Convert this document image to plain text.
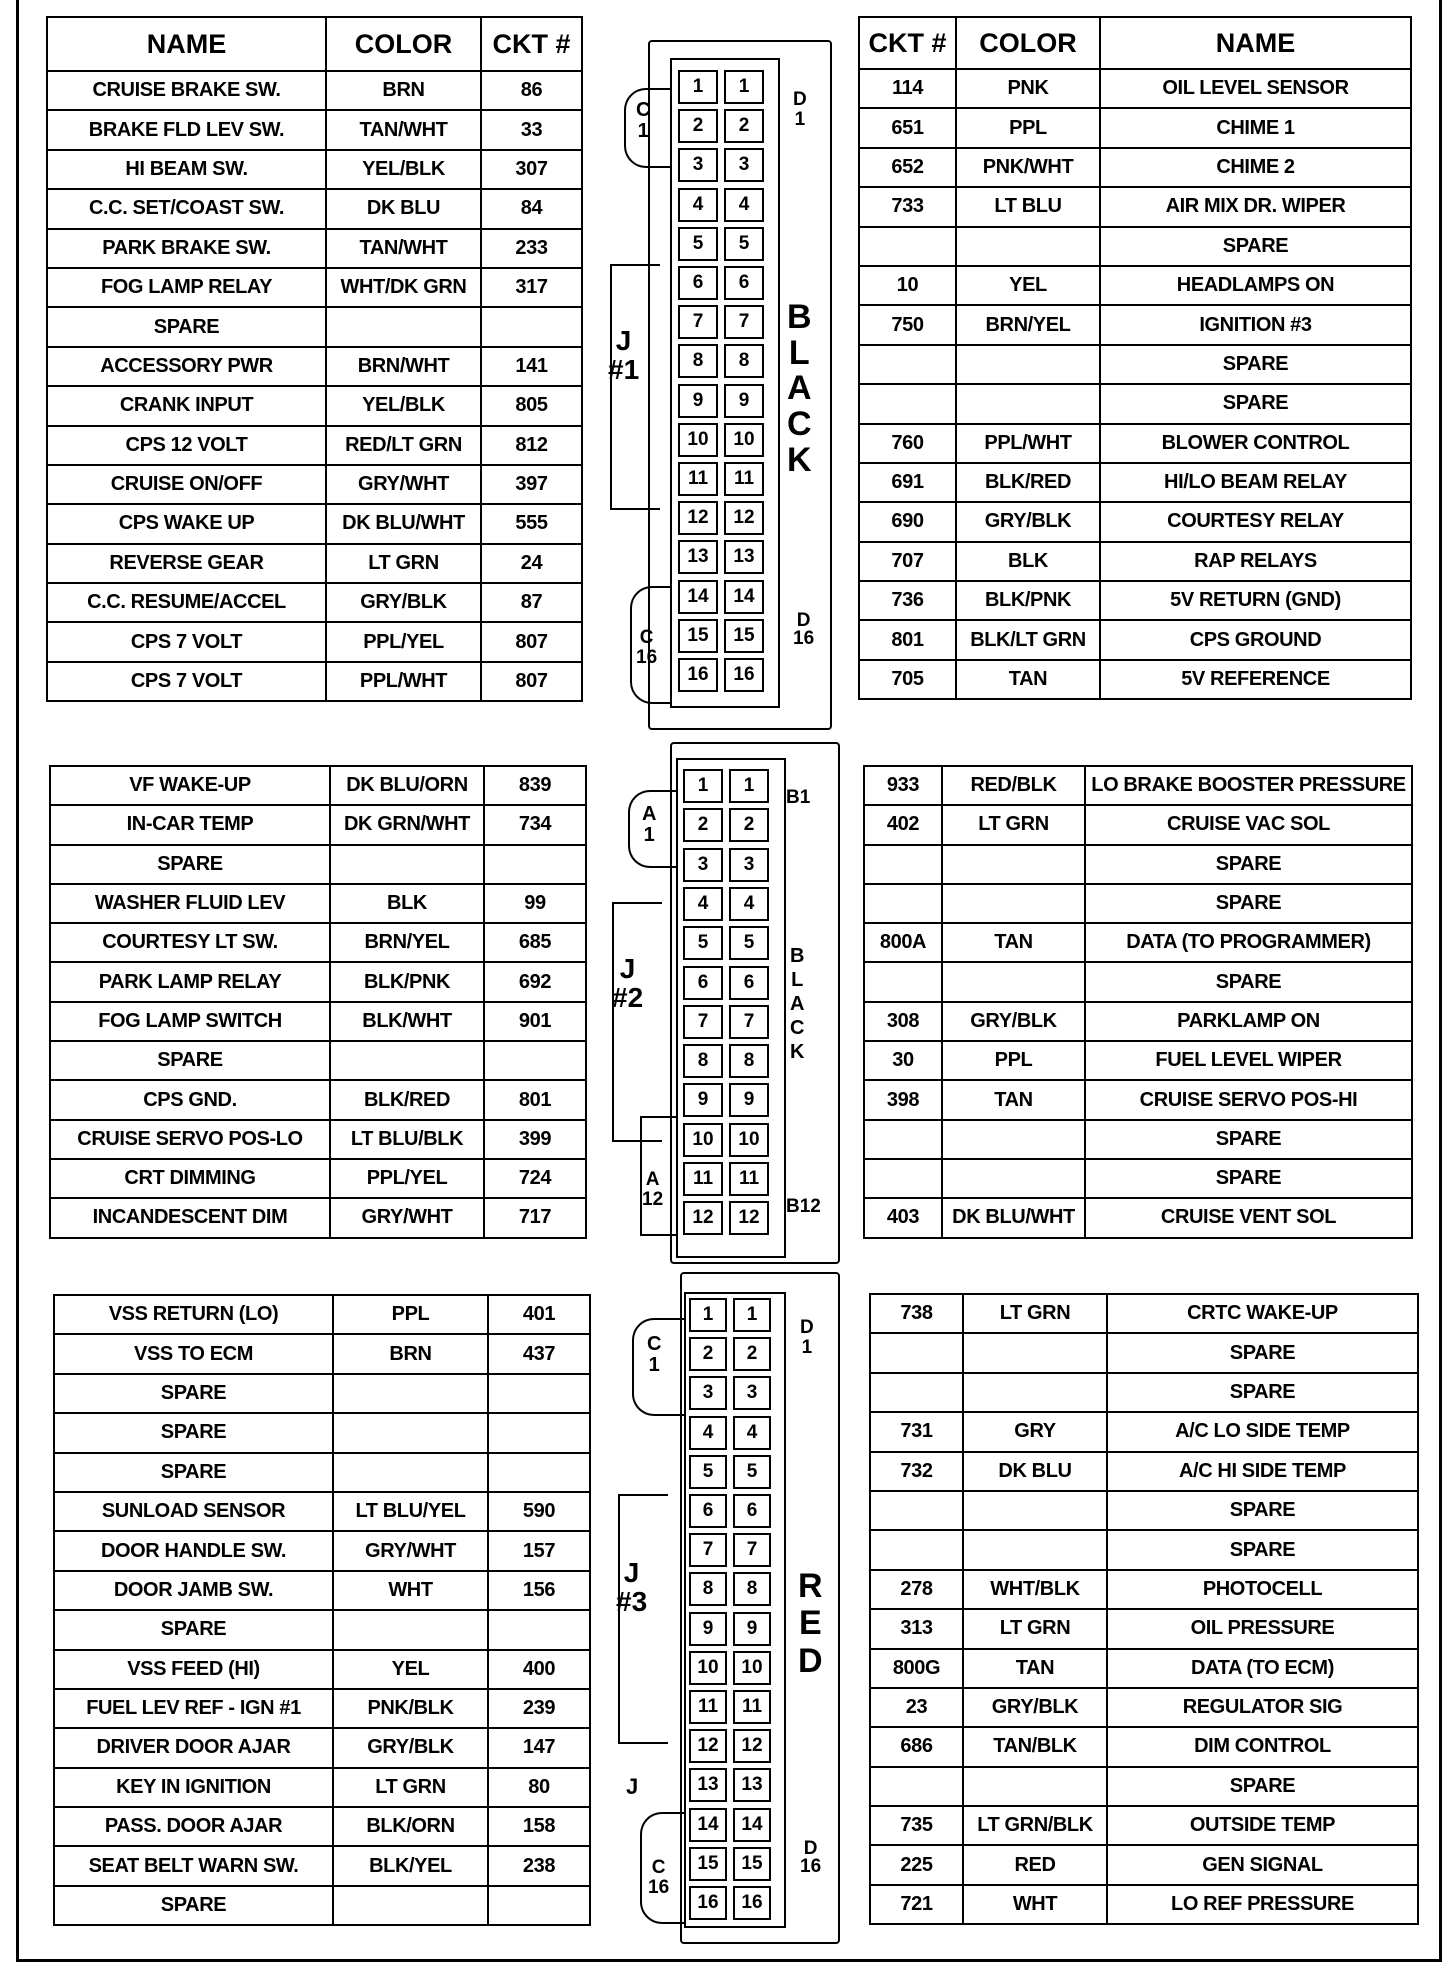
NAME	COLOR	CKT #
CRUISE BRAKE SW.	BRN	86
BRAKE FLD LEV SW.	TAN/WHT	33
HI BEAM SW.	YEL/BLK	307
C.C. SET/COAST SW.	DK BLU	84
PARK BRAKE SW.	TAN/WHT	233
FOG LAMP RELAY	WHT/DK GRN	317
SPARE		
ACCESSORY PWR	BRN/WHT	141
CRANK INPUT	YEL/BLK	805
CPS 12 VOLT	RED/LT GRN	812
CRUISE ON/OFF	GRY/WHT	397
CPS WAKE UP	DK BLU/WHT	555
REVERSE GEAR	LT GRN	24
C.C. RESUME/ACCEL	GRY/BLK	87
CPS 7 VOLT	PPL/YEL	807
CPS 7 VOLT	PPL/WHT	807
CKT #	COLOR	NAME
114	PNK	OIL LEVEL SENSOR
651	PPL	CHIME 1
652	PNK/WHT	CHIME 2
733	LT BLU	AIR MIX DR. WIPER
		SPARE
10	YEL	HEADLAMPS ON
750	BRN/YEL	IGNITION #3
		SPARE
		SPARE
760	PPL/WHT	BLOWER CONTROL
691	BLK/RED	HI/LO BEAM RELAY
690	GRY/BLK	COURTESY RELAY
707	BLK	RAP RELAYS
736	BLK/PNK	5V RETURN (GND)
801	BLK/LT GRN	CPS GROUND
705	TAN	5V REFERENCE
1	1
2	2
3	3
4	4
5	5
6	6
7	7
8	8
9	9
10	10
11	11
12	12
13	13
14	14
15	15
16	16
C
1
C
16
J
#1
D
1
D
16
B
L
A
C
K
VF WAKE-UP	DK BLU/ORN	839
IN-CAR TEMP	DK GRN/WHT	734
SPARE		
WASHER FLUID LEV	BLK	99
COURTESY LT SW.	BRN/YEL	685
PARK LAMP RELAY	BLK/PNK	692
FOG LAMP SWITCH	BLK/WHT	901
SPARE		
CPS GND.	BLK/RED	801
CRUISE SERVO POS-LO	LT BLU/BLK	399
CRT DIMMING	PPL/YEL	724
INCANDESCENT DIM	GRY/WHT	717
933	RED/BLK	LO BRAKE BOOSTER PRESSURE
402	LT GRN	CRUISE VAC SOL
		SPARE
		SPARE
800A	TAN	DATA (TO PROGRAMMER)
		SPARE
308	GRY/BLK	PARKLAMP ON
30	PPL	FUEL LEVEL WIPER
398	TAN	CRUISE SERVO POS-HI
		SPARE
		SPARE
403	DK BLU/WHT	CRUISE VENT SOL
1	1
2	2
3	3
4	4
5	5
6	6
7	7
8	8
9	9
10	10
11	11
12	12
A
1
A
12
J
#2
B1
B12
B
L
A
C
K
VSS RETURN (LO)	PPL	401
VSS TO ECM	BRN	437
SPARE		
SPARE		
SPARE		
SUNLOAD SENSOR	LT BLU/YEL	590
DOOR HANDLE SW.	GRY/WHT	157
DOOR JAMB SW.	WHT	156
SPARE		
VSS FEED (HI)	YEL	400
FUEL LEV REF - IGN #1	PNK/BLK	239
DRIVER DOOR AJAR	GRY/BLK	147
KEY IN IGNITION	LT GRN	80
PASS. DOOR AJAR	BLK/ORN	158
SEAT BELT WARN SW.	BLK/YEL	238
SPARE		
738	LT GRN	CRTC WAKE-UP
		SPARE
		SPARE
731	GRY	A/C LO SIDE TEMP
732	DK BLU	A/C HI SIDE TEMP
		SPARE
		SPARE
278	WHT/BLK	PHOTOCELL
313	LT GRN	OIL PRESSURE
800G	TAN	DATA (TO ECM)
23	GRY/BLK	REGULATOR SIG
686	TAN/BLK	DIM CONTROL
		SPARE
735	LT GRN/BLK	OUTSIDE TEMP
225	RED	GEN SIGNAL
721	WHT	LO REF PRESSURE
1	1
2	2
3	3
4	4
5	5
6	6
7	7
8	8
9	9
10	10
11	11
12	12
13	13
14	14
15	15
16	16
C
1
C
16
J
#3
J
D
1
D
16
R
E
D
